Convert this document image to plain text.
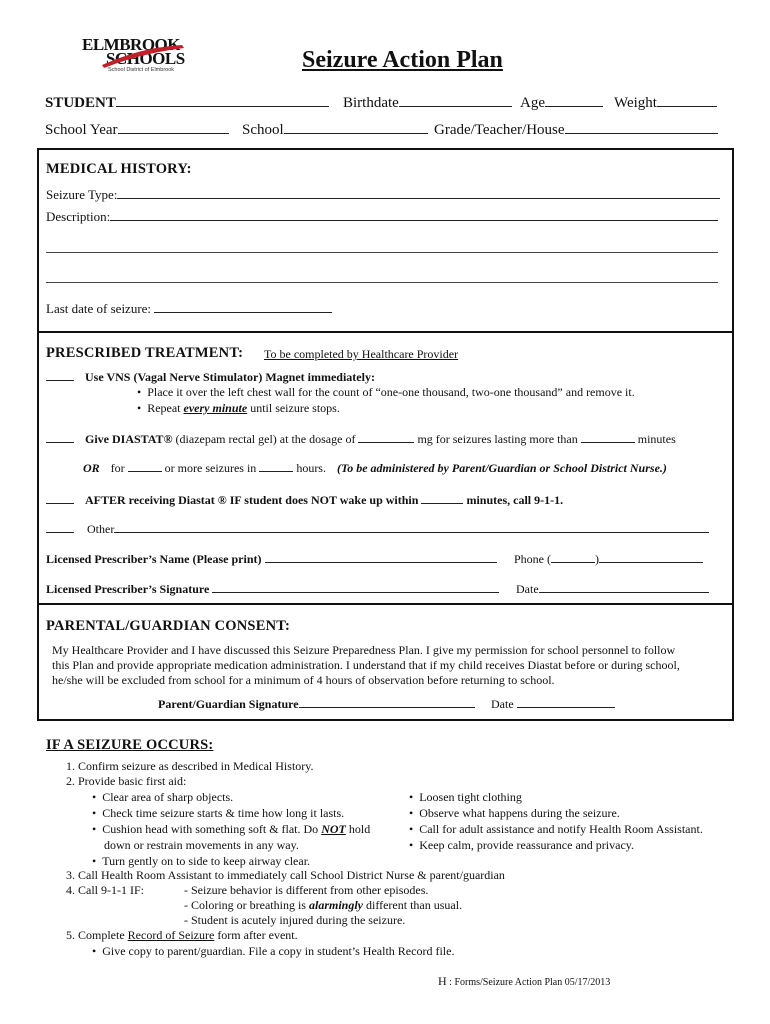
ELMBROOK
SCHOOLS
School District of Elmbrook	Seizure Action Plan
STUDENT	Birthdate	Age	Weight
School Year	School	Grade/Teacher/House
MEDICAL HISTORY:
Seizure Type:
Description:
Last date of seizure:
PRESCRIBED TREATMENT: To be completed by Healthcare Provider
Use VNS (Vagal Nerve Stimulator) Magnet immediately:
• Place it over the left chest wall for the count of “one-one thousand, two-one thousand” and remove it.
• Repeat every minute until seizure stops.
Give DIASTAT® (diazepam rectal gel) at the dosage of	mg for seizures lasting more than	minutes
OR for	or more seizures in	hours. (To be administered by Parent/Guardian or School District Nurse.)
AFTER receiving Diastat ® IF student does NOT wake up within	minutes, call 9-1-1.
Other
Licensed Prescriber’s Name (Please print)	Phone (	)
Licensed Prescriber’s Signature	Date
PARENTAL/GUARDIAN CONSENT:
My Healthcare Provider and I have discussed this Seizure Preparedness Plan. I give my permission for school personnel to follow
this Plan and provide appropriate medication administration. I understand that if my child receives Diastat before or during school,
he/she will be excluded from school for a minimum of 4 hours of observation before returning to school.
Parent/Guardian Signature	Date
IF A SEIZURE OCCURS:
1. Confirm seizure as described in Medical History.
2. Provide basic first aid:
• Clear area of sharp objects.
• Check time seizure starts & time how long it lasts.
• Cushion head with something soft & flat. Do NOT hold
down or restrain movements in any way.
• Turn gently on to side to keep airway clear.
• Loosen tight clothing
• Observe what happens during the seizure.
• Call for adult assistance and notify Health Room Assistant.
• Keep calm, provide reassurance and privacy.
3. Call Health Room Assistant to immediately call School District Nurse & parent/guardian
4. Call 9-1-1 IF:	- Seizure behavior is different from other episodes.
- Coloring or breathing is alarmingly different than usual.
- Student is acutely injured during the seizure.
5. Complete Record of Seizure form after event.
• Give copy to parent/guardian. File a copy in student’s Health Record file.
H : Forms/Seizure Action Plan 05/17/2013
